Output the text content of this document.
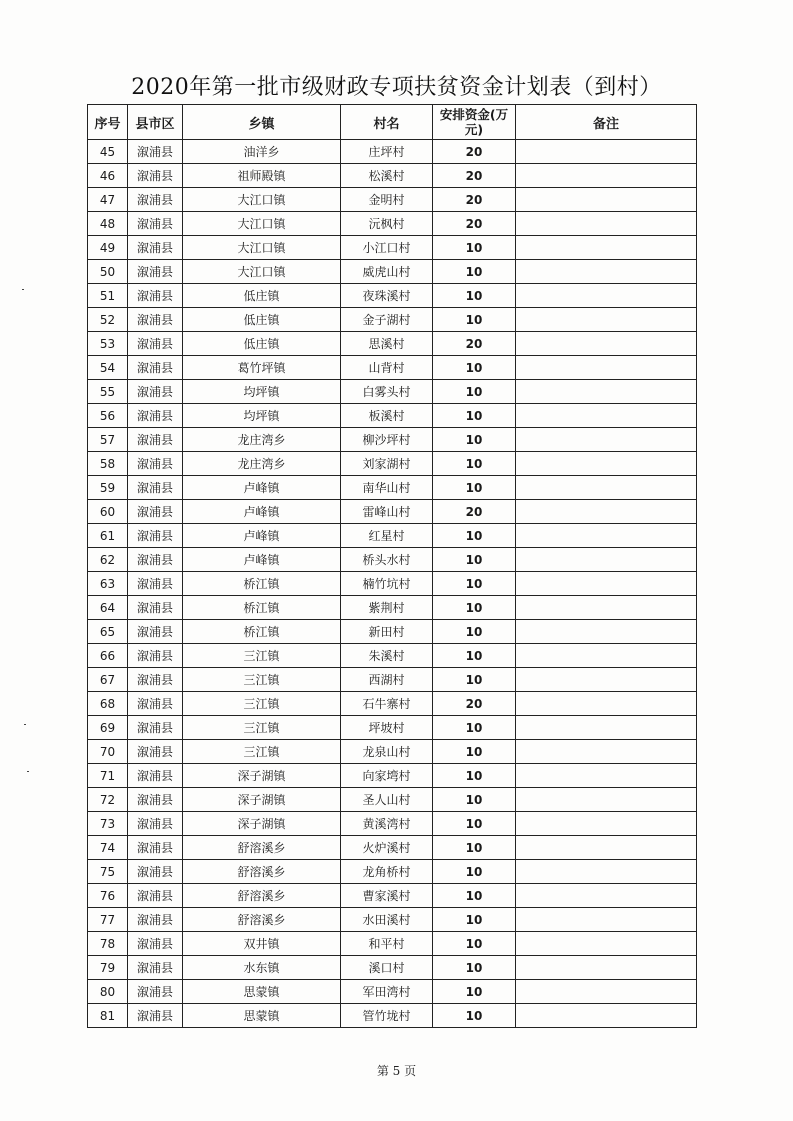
2020年第一批市级财政专项扶贫资金计划表（到村）
序号	县市区	乡镇	村名	安排资金(万元)	备注
45	溆浦县	油洋乡	庄坪村	20	
46	溆浦县	祖师殿镇	松溪村	20	
47	溆浦县	大江口镇	金明村	20	
48	溆浦县	大江口镇	沅枫村	20	
49	溆浦县	大江口镇	小江口村	10	
50	溆浦县	大江口镇	威虎山村	10	
51	溆浦县	低庄镇	夜珠溪村	10	
52	溆浦县	低庄镇	金子湖村	10	
53	溆浦县	低庄镇	思溪村	20	
54	溆浦县	葛竹坪镇	山背村	10	
55	溆浦县	均坪镇	白雾头村	10	
56	溆浦县	均坪镇	板溪村	10	
57	溆浦县	龙庄湾乡	柳沙坪村	10	
58	溆浦县	龙庄湾乡	刘家湖村	10	
59	溆浦县	卢峰镇	南华山村	10	
60	溆浦县	卢峰镇	雷峰山村	20	
61	溆浦县	卢峰镇	红星村	10	
62	溆浦县	卢峰镇	桥头水村	10	
63	溆浦县	桥江镇	楠竹坑村	10	
64	溆浦县	桥江镇	紫荆村	10	
65	溆浦县	桥江镇	新田村	10	
66	溆浦县	三江镇	朱溪村	10	
67	溆浦县	三江镇	西湖村	10	
68	溆浦县	三江镇	石牛寨村	20	
69	溆浦县	三江镇	坪坡村	10	
70	溆浦县	三江镇	龙泉山村	10	
71	溆浦县	深子湖镇	向家塆村	10	
72	溆浦县	深子湖镇	圣人山村	10	
73	溆浦县	深子湖镇	黄溪湾村	10	
74	溆浦县	舒溶溪乡	火炉溪村	10	
75	溆浦县	舒溶溪乡	龙角桥村	10	
76	溆浦县	舒溶溪乡	曹家溪村	10	
77	溆浦县	舒溶溪乡	水田溪村	10	
78	溆浦县	双井镇	和平村	10	
79	溆浦县	水东镇	溪口村	10	
80	溆浦县	思蒙镇	军田湾村	10	
81	溆浦县	思蒙镇	管竹垅村	10	
第 5 页
